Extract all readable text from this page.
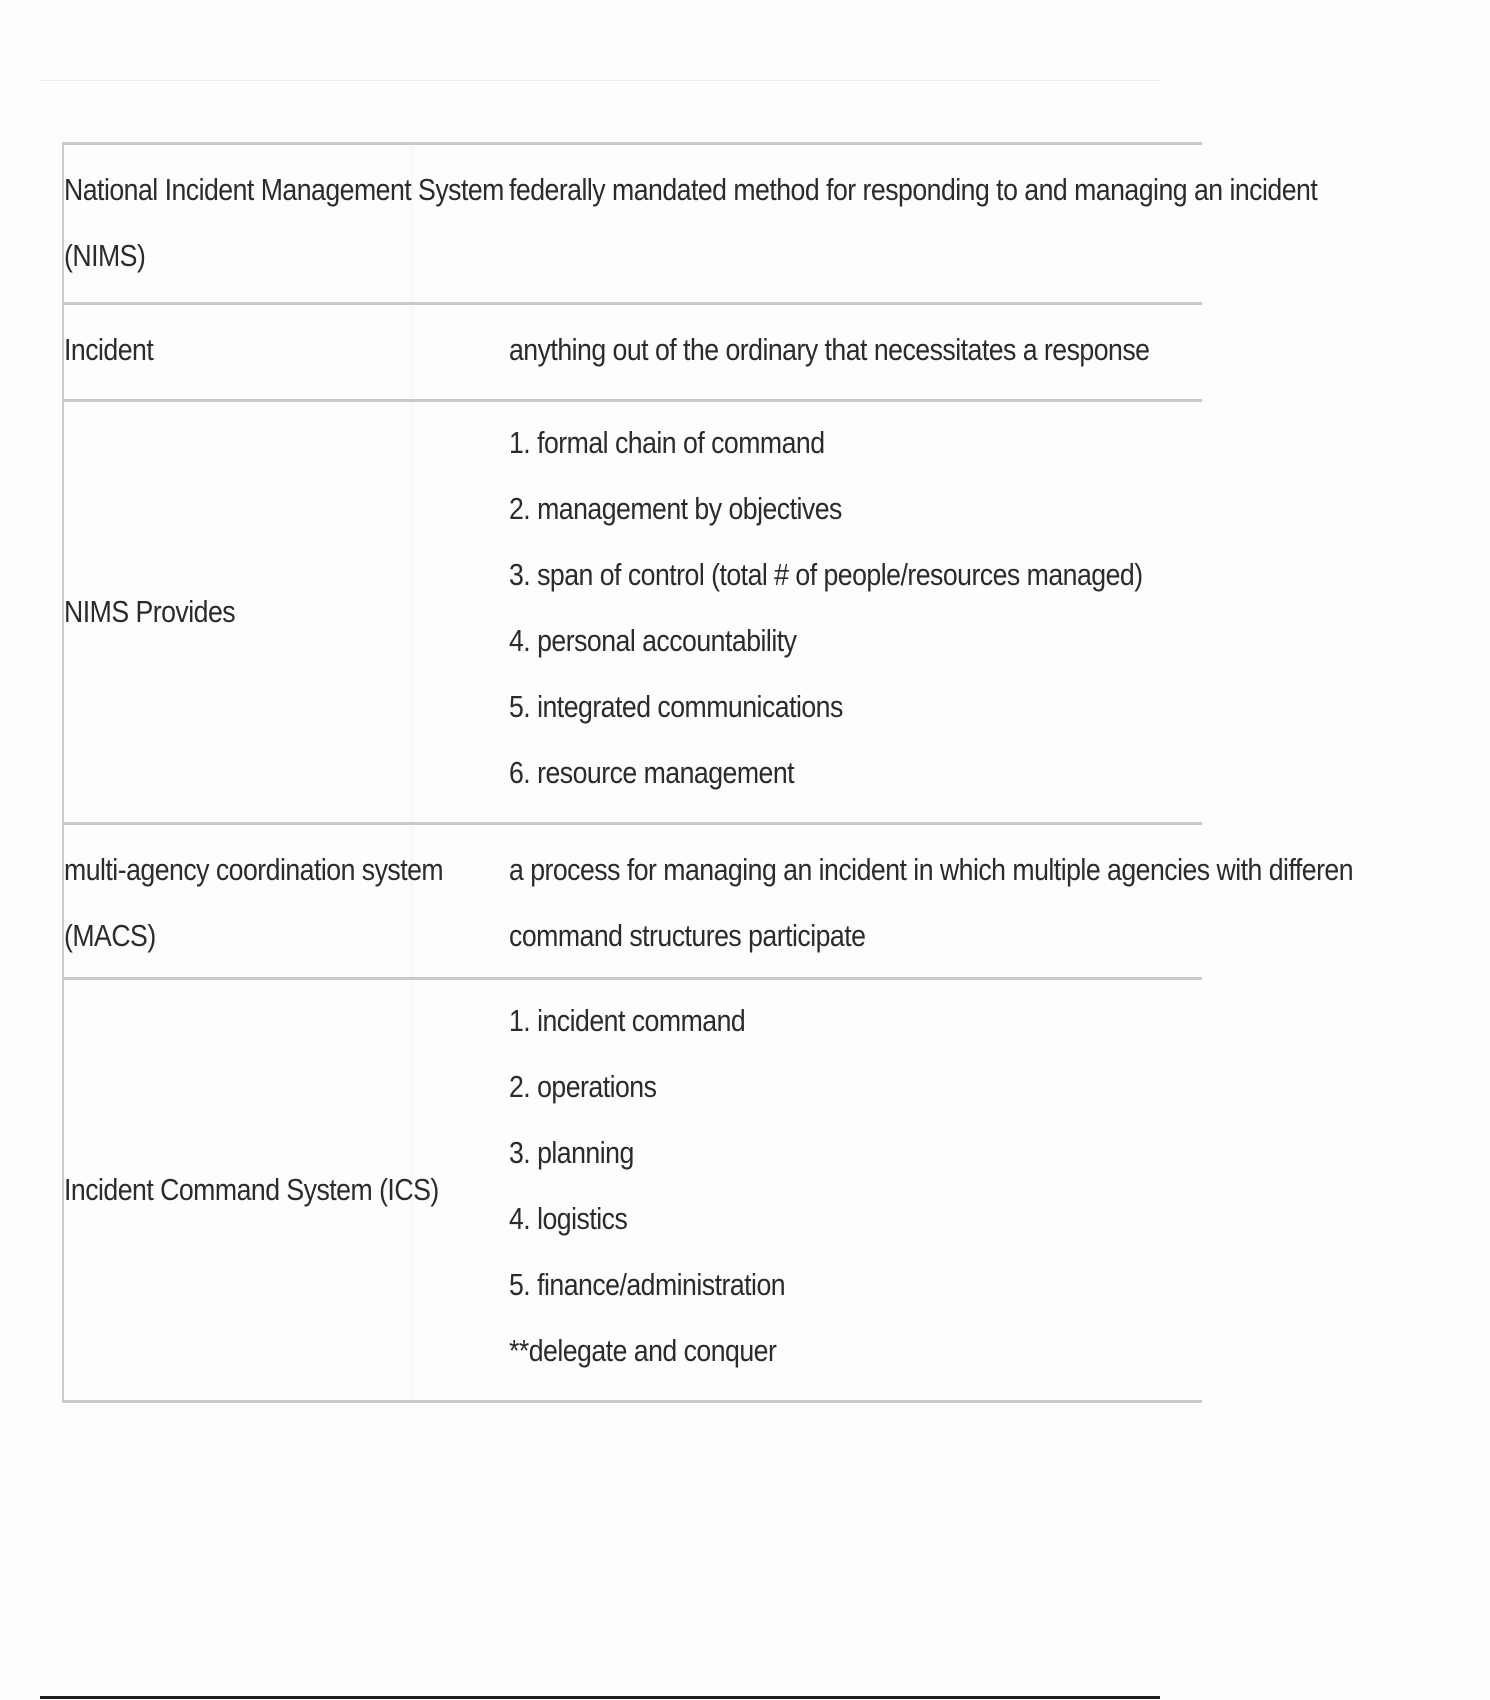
National Incident Management System
(NIMS)
federally mandated method for responding to and managing an incident
Incident	anything out of the ordinary that necessitates a response
NIMS Provides
1. formal chain of command
2. management by objectives
3. span of control (total # of people/resources managed)
4. personal accountability
5. integrated communications
6. resource management
multi-agency coordination system
(MACS)
a process for managing an incident in which multiple agencies with differen
command structures participate
Incident Command System (ICS)
1. incident command
2. operations
3. planning
4. logistics
5. finance/administration
**delegate and conquer
